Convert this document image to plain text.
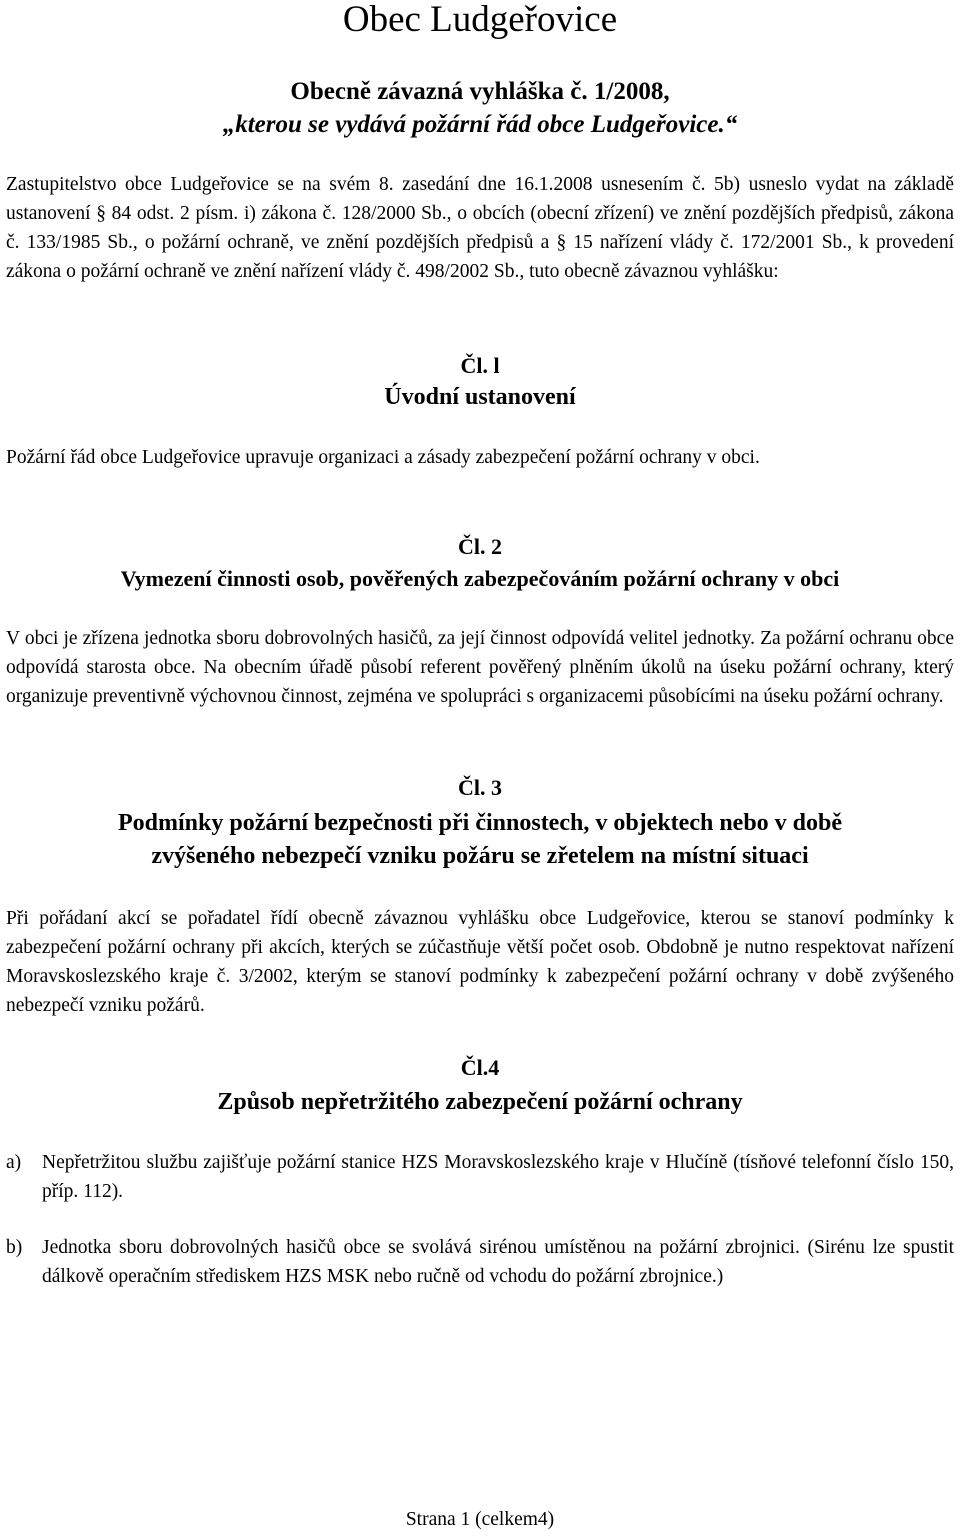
Obec Ludgeřovice
Obecně závazná vyhláška č. 1/2008,
„kterou se vydává požární řád obce Ludgeřovice.“

Zastupitelstvo obce Ludgeřovice se na svém 8. zasedání dne 16.1.2008 usnesením č. 5b) usneslo vydat na základě ustanovení § 84 odst. 2 písm. i) zákona č. 128/2000 Sb., o obcích (obecní zřízení) ve znění pozdějších předpisů, zákona č. 133/1985 Sb., o požární ochraně, ve znění pozdějších předpisů a § 15 nařízení vlády č. 172/2001 Sb., k provedení zákona o požární ochraně ve znění nařízení vlády č. 498/2002 Sb., tuto obecně závaznou vyhlášku:

Čl. l
Úvodní ustanovení

Požární řád obce Ludgeřovice upravuje organizaci a zásady zabezpečení požární ochrany v obci.

Čl. 2
Vymezení činnosti osob, pověřených zabezpečováním požární ochrany v obci

V obci je zřízena jednotka sboru dobrovolných hasičů, za její činnost odpovídá velitel jednotky. Za požární ochranu obce odpovídá starosta obce. Na obecním úřadě působí referent pověřený plněním úkolů na úseku požární ochrany, který organizuje preventivně výchovnou činnost, zejména ve spolupráci s organizacemi působícími na úseku požární ochrany.

Čl. 3
Podmínky požární bezpečnosti při činnostech, v objektech nebo v době
zvýšeného nebezpečí vzniku požáru se zřetelem na místní situaci

Při pořádaní akcí se pořadatel řídí obecně závaznou vyhlášku obce Ludgeřovice, kterou se stanoví podmínky k zabezpečení požární ochrany při akcích, kterých se zúčastňuje větší počet osob. Obdobně je nutno respektovat nařízení Moravskoslezského kraje č. 3/2002, kterým se stanoví podmínky k zabezpečení požární ochrany v době zvýšeného nebezpečí vzniku požárů.

Čl.4
Způsob nepřetržitého zabezpečení požární ochrany
a) Nepřetržitou službu zajišťuje požární stanice HZS Moravskoslezského kraje v Hlučíně (tísňové telefonní číslo 150, příp. 112).
b) Jednotka sboru dobrovolných hasičů obce se svolává sirénou umístěnou na požární zbrojnici. (Sirénu lze spustit dálkově operačním střediskem HZS MSK nebo ručně od vchodu do požární zbrojnice.)
Strana 1 (celkem4)
